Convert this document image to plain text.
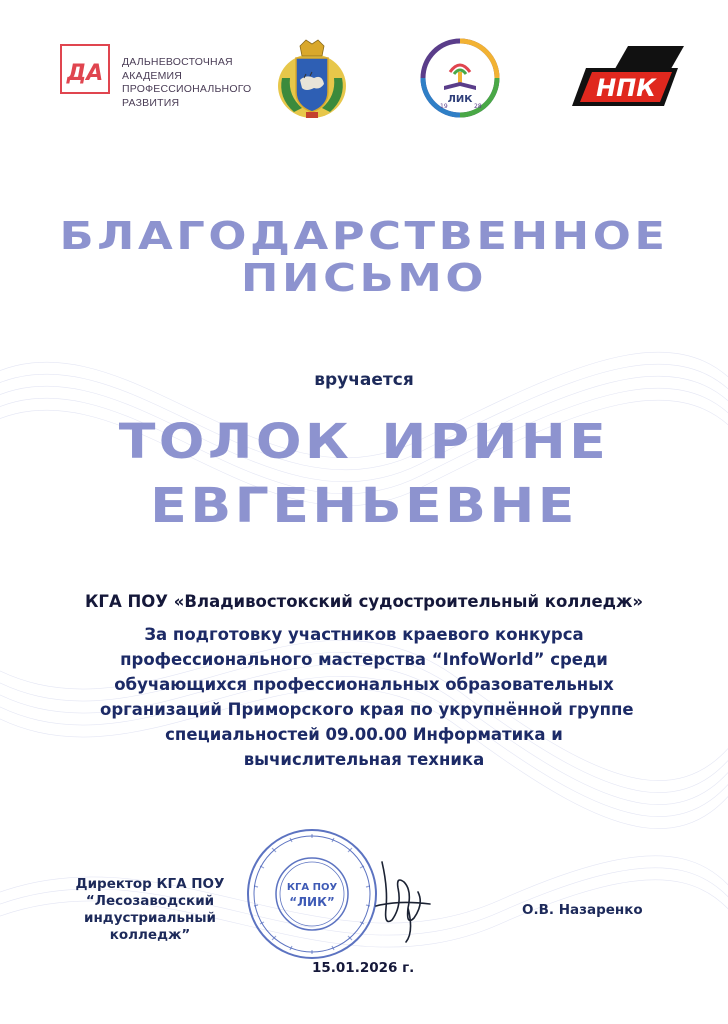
ДА ДАЛЬНЕВОСТОЧНАЯ
АКАДЕМИЯ
ПРОФЕССИОНАЛЬНОГО
РАЗВИТИЯ	ЛИК
19	28
НПК
БЛАГОДАРСТВЕННОЕ
ПИСЬМО
вручается
ТОЛОК ИРИНЕ
ЕВГЕНЬЕВНЕ
КГА ПОУ «Владивостокский судостроительный колледж»
За подготовку участников краевого конкурса
профессионального мастерства “InfoWorld” среди
обучающихся профессиональных образовательных
организаций Приморского края по укрупнённой группе
специальностей 09.00.00 Информатика и
вычислительная техника
Директор КГА ПОУ
“Лесозаводский
индустриальный
колледж”
КГА ПОУ
“ЛИК”	О.В. Назаренко
15.01.2026 г.
